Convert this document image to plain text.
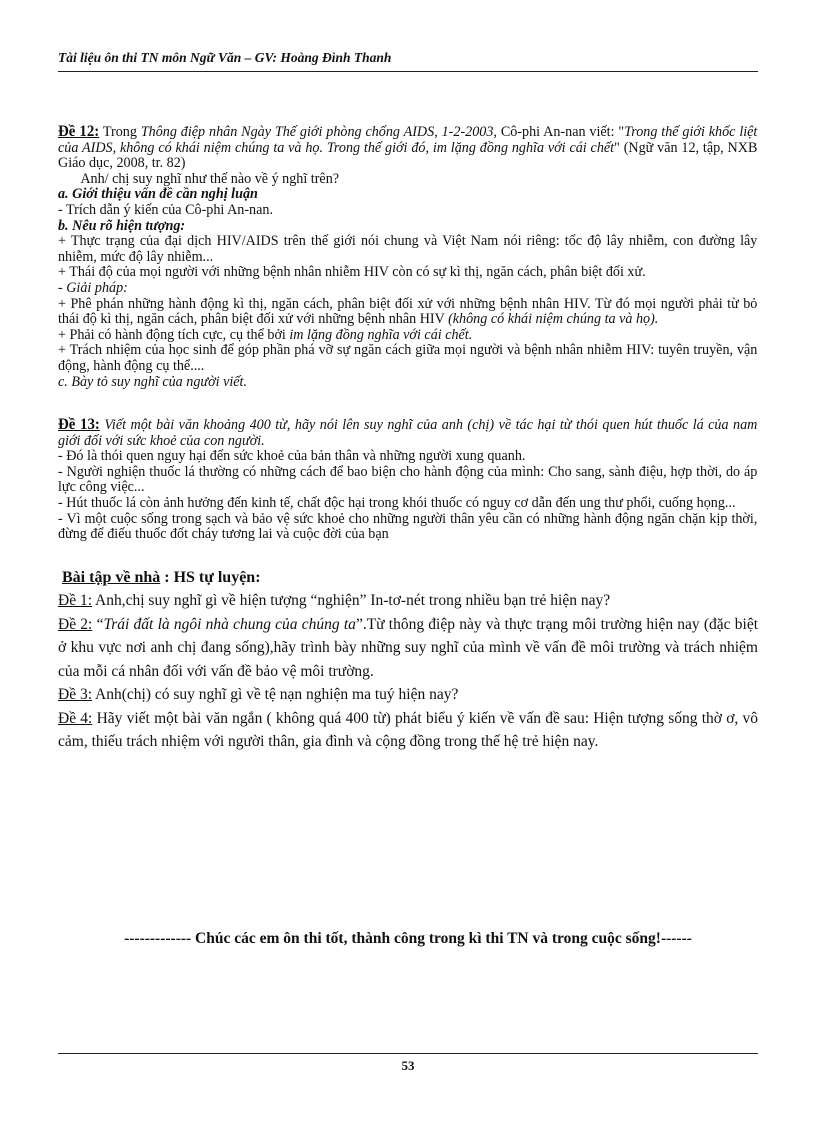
Tài liệu ôn thi TN môn Ngữ Văn – GV: Hoàng Đình Thanh

Đề 12: Trong Thông điệp nhân Ngày Thế giới phòng chống AIDS, 1-2-2003, Cô-phi An-nan viết: "Trong thế giới khốc liệt của AIDS, không có khái niệm chúng ta và họ. Trong thế giới đó, im lặng đồng nghĩa với cái chết" (Ngữ văn 12, tập, NXB Giáo dục, 2008, tr. 82)

Anh/ chị suy nghĩ như thế nào về ý nghĩ trên?

a. Giới thiệu vấn đề cần nghị luận

- Trích dẫn ý kiến của Cô-phi An-nan.

b. Nêu rõ hiện tượng:

+ Thực trạng của đại dịch HIV/AIDS trên thế giới nói chung và Việt Nam nói riêng: tốc độ lây nhiễm, con đường lây nhiễm, mức độ lây nhiễm...

+ Thái độ của mọi người với những bệnh nhân nhiễm HIV còn có sự kì thị, ngăn cách, phân biệt đối xử.

- Giải pháp:

+ Phê phán những hành động kì thị, ngăn cách, phân biệt đối xử với những bệnh nhân HIV. Từ đó mọi người phải từ bỏ thái độ kì thị, ngăn cách, phân biệt đối xử với những bệnh nhân HIV (không có khái niệm chúng ta và họ).

+ Phải có hành động tích cực, cụ thể bởi im lặng đồng nghĩa với cái chết.

+ Trách nhiệm của học sinh để góp phần phá vỡ sự ngăn cách giữa mọi người và bệnh nhân nhiễm HIV: tuyên truyền, vận động, hành động cụ thể....

c. Bày tỏ suy nghĩ của người viết.

Đề 13: Viết một bài văn khoảng 400 từ, hãy nói lên suy nghĩ của anh (chị) về tác hại từ thói quen hút thuốc lá của nam giới đối với sức khoẻ của con người.

- Đó là thói quen nguy hại đến sức khoẻ của bản thân và những người xung quanh.

- Người nghiện thuốc lá thường có những cách để bao biện cho hành động của mình: Cho sang, sành điệu, hợp thời, do áp lực công việc...

- Hút thuốc lá còn ảnh hưởng đến kinh tế, chất độc hại trong khói thuốc có nguy cơ dẫn đến ung thư phổi, cuống họng...

- Vì một cuộc sống trong sạch và bảo vệ sức khoẻ cho những người thân yêu cần có những hành động ngăn chặn kịp thời, đừng để điếu thuốc đốt cháy tương lai và cuộc đời của bạn

Bài tập về nhà : HS tự luyện:

Đề 1: Anh,chị suy nghĩ gì về hiện tượng “nghiện” In-tơ-nét trong nhiều bạn trẻ hiện nay?

Đề 2: “Trái đất là ngôi nhà chung của chúng ta”.Từ thông điệp này và thực trạng môi trường hiện nay (đặc biệt ở khu vực nơi anh chị đang sống),hãy trình bày những suy nghĩ của mình về vấn đề môi trường và trách nhiệm của mỗi cá nhân đối với vấn đề bảo vệ môi trường.

Đề 3: Anh(chị) có suy nghĩ gì về tệ nạn nghiện ma tuý hiện nay?

Đề 4: Hãy viết một bài văn ngắn ( không quá 400 từ) phát biểu ý kiến về vấn đề sau: Hiện tượng sống thờ ơ, vô cảm, thiếu trách nhiệm với người thân, gia đình và cộng đồng trong thế hệ trẻ hiện nay.

------------- Chúc các em ôn thi tốt, thành công trong kì thi TN và trong cuộc sống!------
53
